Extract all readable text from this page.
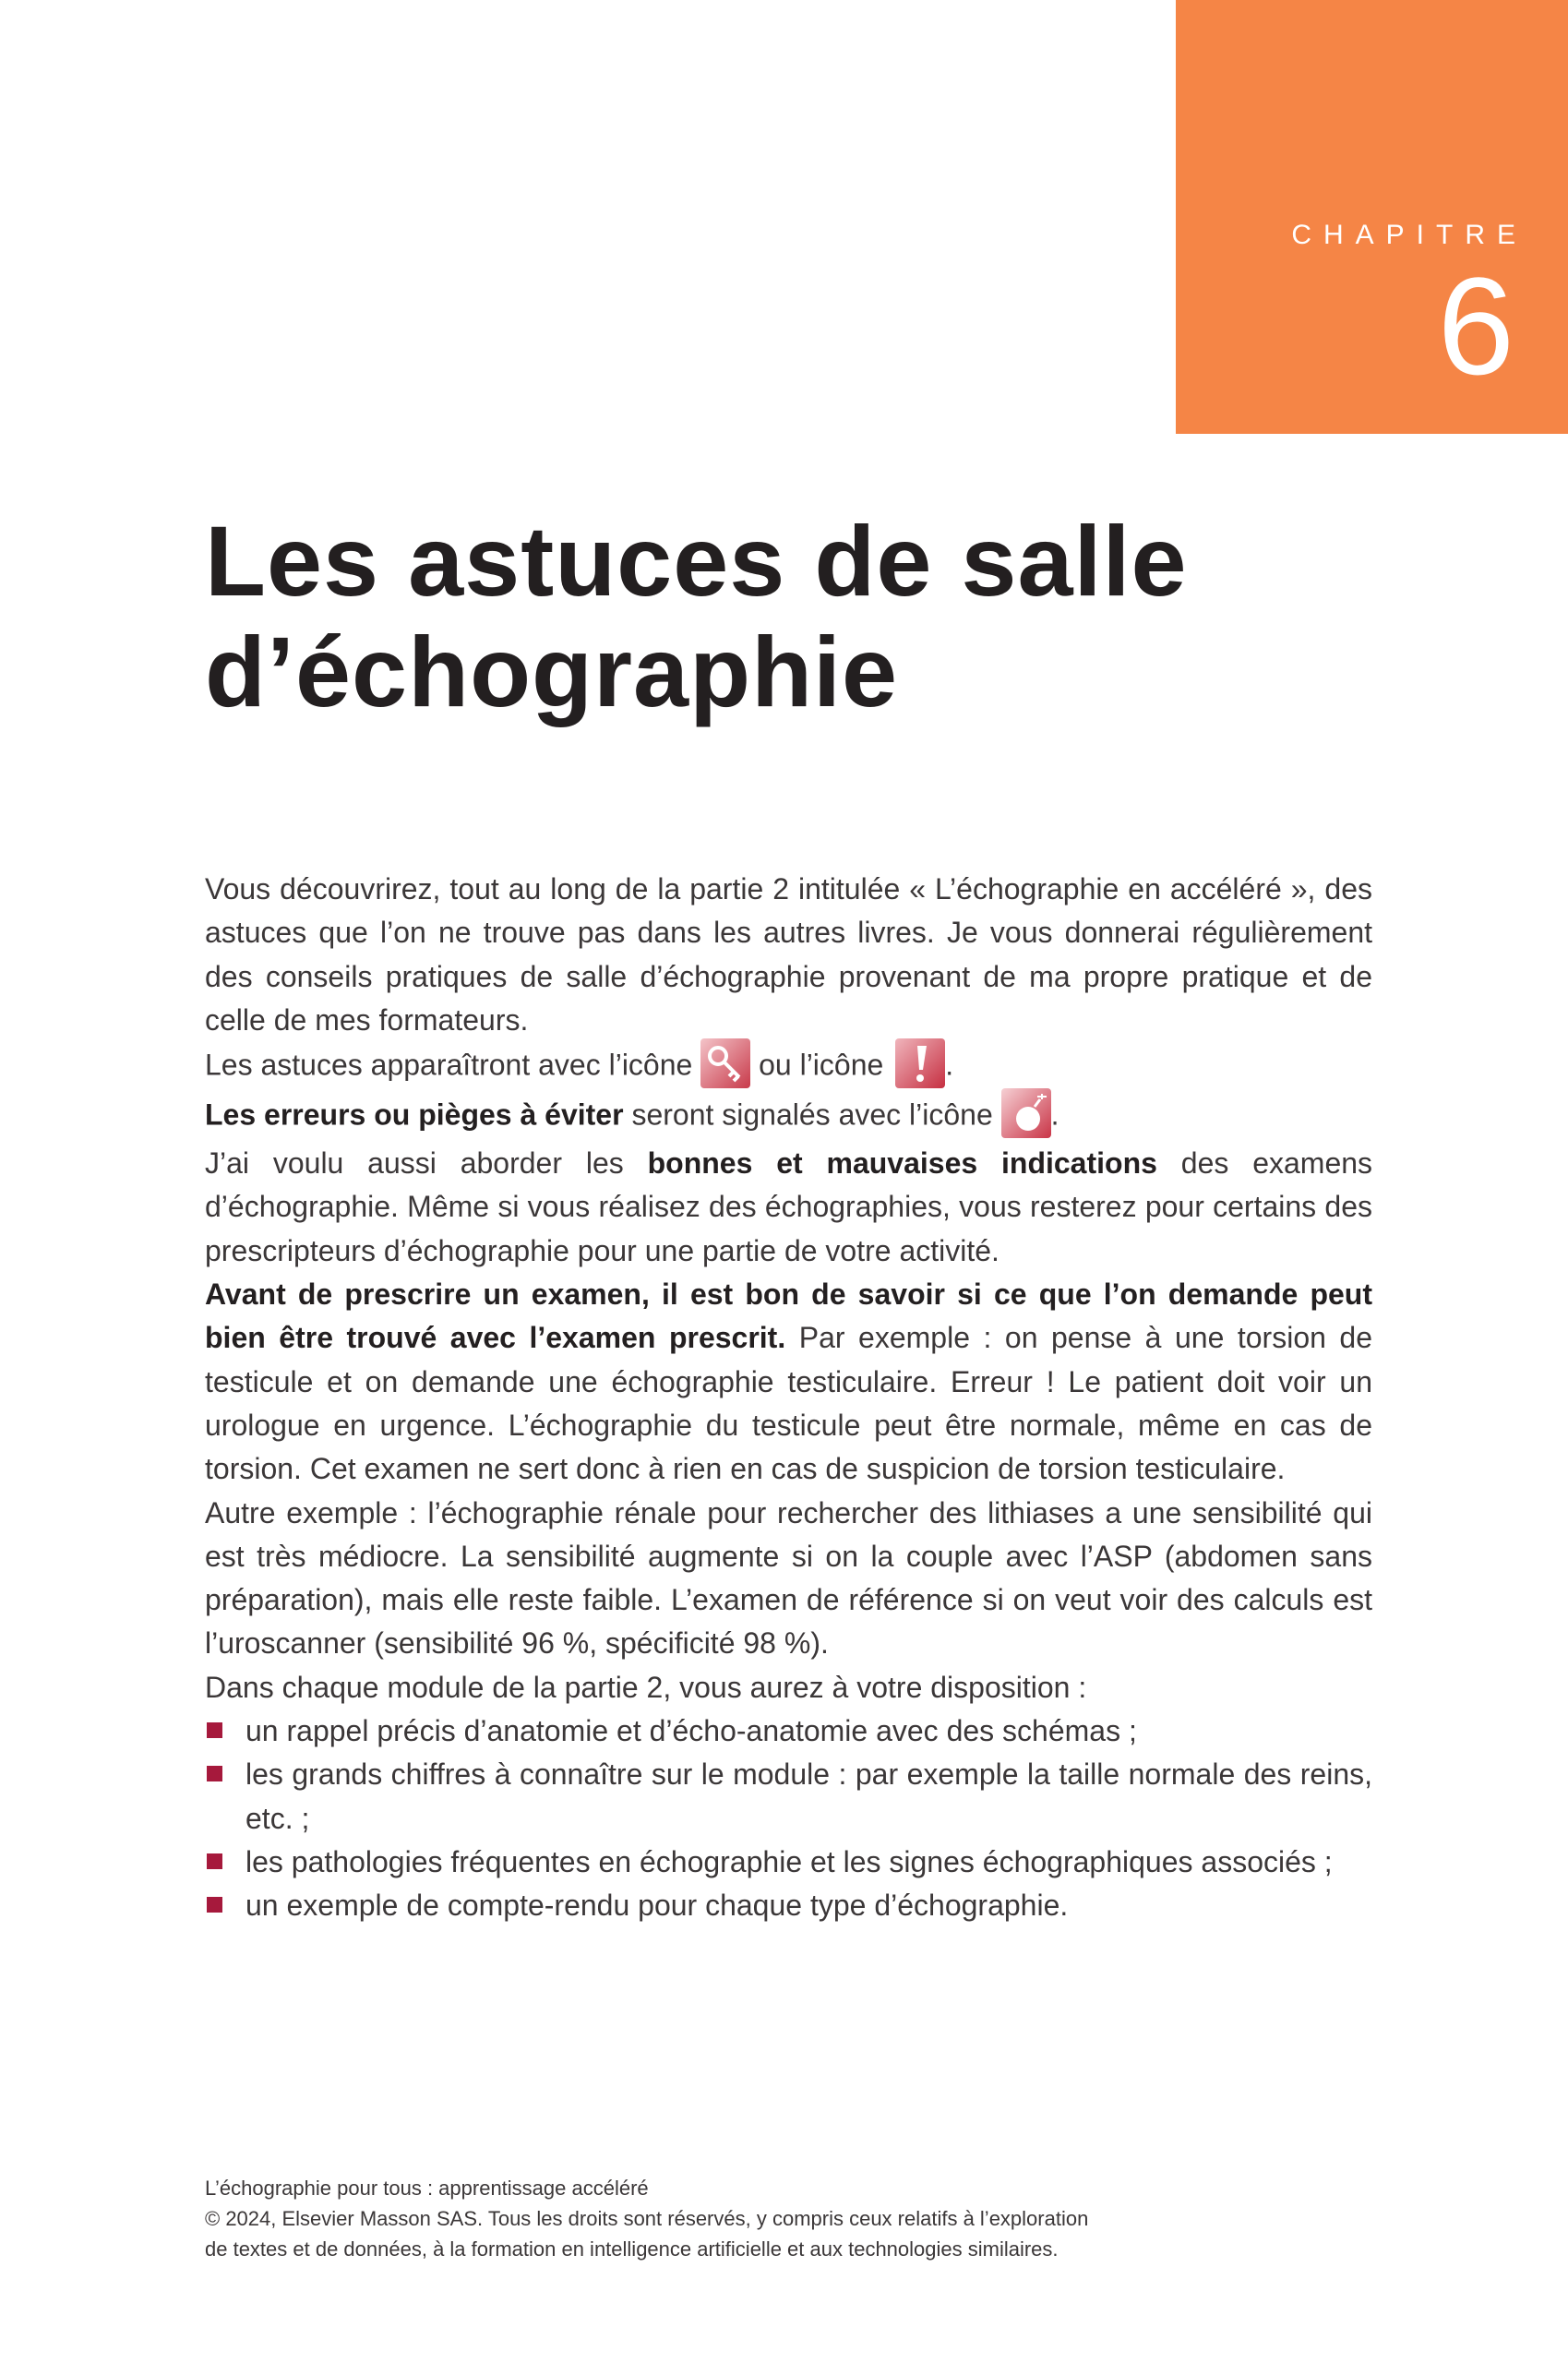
CHAPITRE
6
Les astuces de salle
d’échographie

Vous découvrirez, tout au long de la partie 2 intitulée « L’échographie en accéléré », des astuces que l’on ne trouve pas dans les autres livres. Je vous donnerai régulièrement des conseils pratiques de salle d’échographie provenant de ma propre pratique et de celle de mes formateurs.

Les astuces apparaîtront avec l’icône ou l’icône .

Les erreurs ou pièges à éviter seront signalés avec l’icône .

J’ai voulu aussi aborder les bonnes et mauvaises indications des examens d’échographie. Même si vous réalisez des échographies, vous resterez pour certains des prescripteurs d’échographie pour une partie de votre activité.

Avant de prescrire un examen, il est bon de savoir si ce que l’on demande peut bien être trouvé avec l’examen prescrit. Par exemple : on pense à une torsion de testicule et on demande une échographie testiculaire. Erreur ! Le patient doit voir un urologue en urgence. L’échographie du testicule peut être normale, même en cas de torsion. Cet examen ne sert donc à rien en cas de suspicion de torsion testiculaire.

Autre exemple : l’échographie rénale pour rechercher des lithiases a une sensibilité qui est très médiocre. La sensibilité augmente si on la couple avec l’ASP (abdomen sans préparation), mais elle reste faible. L’examen de référence si on veut voir des calculs est l’uroscanner (sensibilité 96 %, spécificité 98 %).

Dans chaque module de la partie 2, vous aurez à votre disposition :

un rappel précis d’anatomie et d’écho-anatomie avec des schémas ;
les grands chiffres à connaître sur le module : par exemple la taille normale des reins, etc. ;
les pathologies fréquentes en échographie et les signes échographiques associés ;
un exemple de compte-rendu pour chaque type d’échographie.
L’échographie pour tous : apprentissage accéléré
© 2024, Elsevier Masson SAS. Tous les droits sont réservés, y compris ceux relatifs à l’exploration
de textes et de données, à la formation en intelligence artificielle et aux technologies similaires.
